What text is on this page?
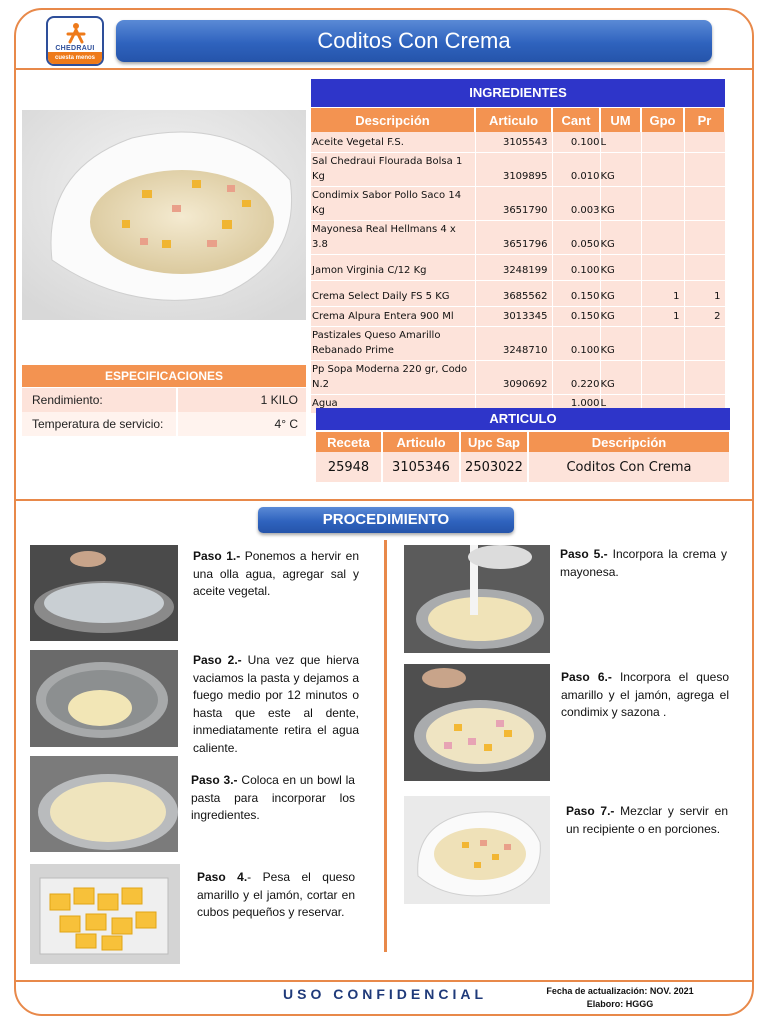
CHEDRAUI
cuesta menos
Coditos Con Crema
ESPECIFICACIONES
Rendimiento:	1 KILO
Temperatura de servicio:	4° C
INGREDIENTES
Descripción	Articulo	Cant	UM	Gpo	Pr
Aceite Vegetal F.S.	3105543	0.100	L		
Sal Chedraui Flourada Bolsa 1 Kg	3109895	0.010	KG		
Condimix Sabor Pollo Saco 14 Kg	3651790	0.003	KG		
Mayonesa Real Hellmans 4 x 3.8	3651796	0.050	KG		
Jamon Virginia C/12 Kg	3248199	0.100	KG		
Crema Select Daily FS 5 KG	3685562	0.150	KG	1	1
Crema Alpura Entera 900 Ml	3013345	0.150	KG	1	2
Pastizales Queso Amarillo Rebanado Prime	3248710	0.100	KG		
Pp Sopa Moderna 220 gr, Codo N.2	3090692	0.220	KG		
Agua		1.000	L		
ARTICULO
Receta	Articulo	Upc Sap	Descripción
25948	3105346	2503022	Coditos Con Crema
PROCEDIMIENTO
Paso 1.- Ponemos a hervir en una olla agua, agregar sal y aceite vegetal.
Paso 2.- Una vez que hierva vaciamos la pasta y dejamos a fuego medio por 12 minutos o hasta que este al dente, inmediatamente retira el agua caliente.
Paso 3.- Coloca en un bowl la pasta para incorporar los ingredientes.
Paso 4.- Pesa el queso amarillo y el jamón, cortar en cubos pequeños y reservar.
Paso 5.- Incorpora la crema y mayonesa.
Paso 6.- Incorpora el queso amarillo y el jamón, agrega el condimix y sazona .
Paso 7.- Mezclar y servir en un recipiente o en porciones.
USO CONFIDENCIAL	Fecha de actualización: NOV. 2021
Elaboro: HGGG
